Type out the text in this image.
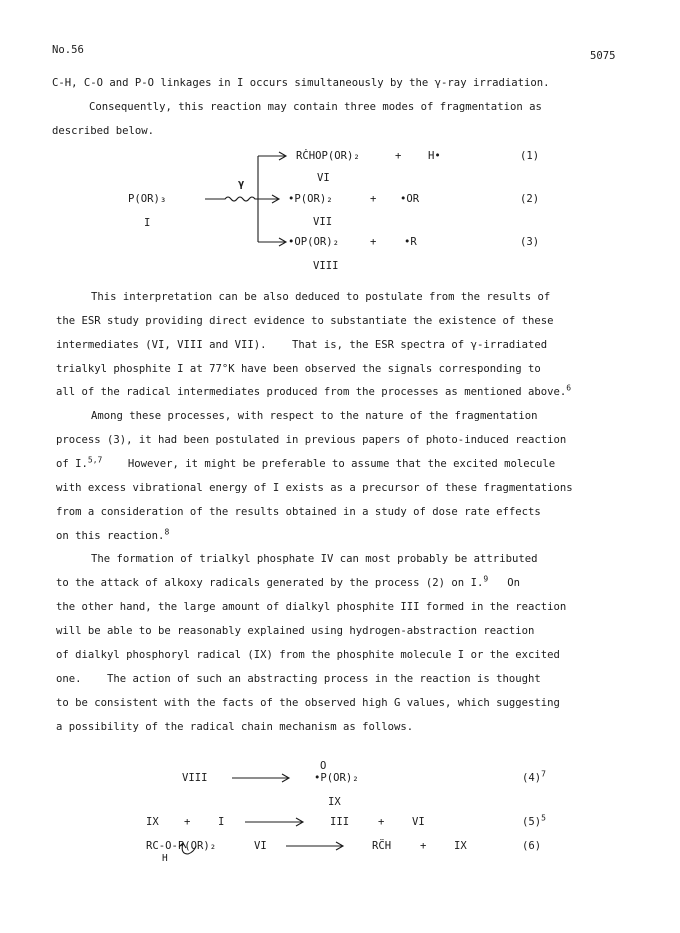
No.56	5075
C-H, C-O and P-O linkages in I occurs simultaneously by the γ-ray irradiation.
Consequently, this reaction may contain three modes of fragmentation as
described below.
P(OR)₃
I
γ
RĊHOP(OR)₂	+	H•	(1)
VI
•P(OR)₂	+ •OR	(2)
VII
•OP(OR)₂	+	•R	(3)
VIII
This interpretation can be also deduced to postulate from the results of
the ESR study providing direct evidence to substantiate the existence of these
intermediates (VI, VIII and VII).    That is, the ESR spectra of γ-irradiated
trialkyl phosphite I at 77°K have been observed the signals corresponding to
all of the radical intermediates produced from the processes as mentioned above.$^6$
Among these processes, with respect to the nature of the fragmentation
process (3), it had been postulated in previous papers of photo-induced reaction
of I.$^{5,7}$    However, it might be preferable to assume that the excited molecule
with excess vibrational energy of I exists as a precursor of these fragmentations
from a consideration of the results obtained in a study of dose rate effects
on this reaction.$^8$
The formation of trialkyl phosphate IV can most probably be attributed
to the attack of alkoxy radicals generated by the process (2) on I.$^9$   On
the other hand, the large amount of dialkyl phosphite III formed in the reaction
will be able to be reasonably explained using hydrogen-abstraction reaction
of dialkyl phosphoryl radical (IX) from the phosphite molecule I or the excited
one.    The action of such an abstracting process in the reaction is thought
to be consistent with the facts of the observed high G values, which suggesting
a possibility of the radical chain mechanism as follows.
VIII
O
•P(OR)₂
IX
$(4)^7$
IX +	I	III	+	VI	$(5)^5$
RC-O-P(OR)₂
H
VI	RC̈H	+	IX	(6)
